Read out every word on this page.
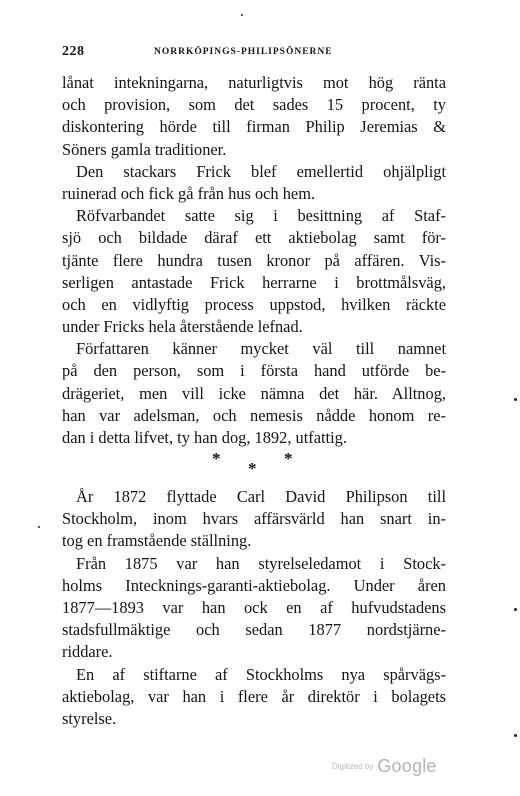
228	NORRKÖPINGS-PHILIPSÖNERNE
lånat intekningarna, naturligtvis mot hög ränta
och provision, som det sades 15 procent, ty
diskontering hörde till firman Philip Jeremias &
Söners gamla traditioner.
Den stackars Frick blef emellertid ohjälpligt
ruinerad och fick gå från hus och hem.
Röfvarbandet satte sig i besittning af Staf-
sjö och bildade däraf ett aktiebolag samt för-
tjänte flere hundra tusen kronor på affären. Vis-
serligen antastade Frick herrarne i brottmålsväg,
och en vidlyftig process uppstod, hvilken räckte
under Fricks hela återstående lefnad.
Författaren känner mycket väl till namnet
på den person, som i första hand utförde be-
drägeriet, men vill icke nämna det här. Alltnog,
han var adelsman, och nemesis nådde honom re-
dan i detta lifvet, ty han dog, 1892, utfattig.
*
*
*
År 1872 flyttade Carl David Philipson till
Stockholm, inom hvars affärsvärld han snart in-
tog en framstående ställning.
Från 1875 var han styrelseledamot i Stock-
holms Intecknings-garanti-aktiebolag. Under åren
1877—1893 var han ock en af hufvudstadens
stadsfullmäktige och sedan 1877 nordstjärne-
riddare.
En af stiftarne af Stockholms nya spårvägs-
aktiebolag, var han i flere år direktör i bolagets
styrelse.
Digitized by Google
